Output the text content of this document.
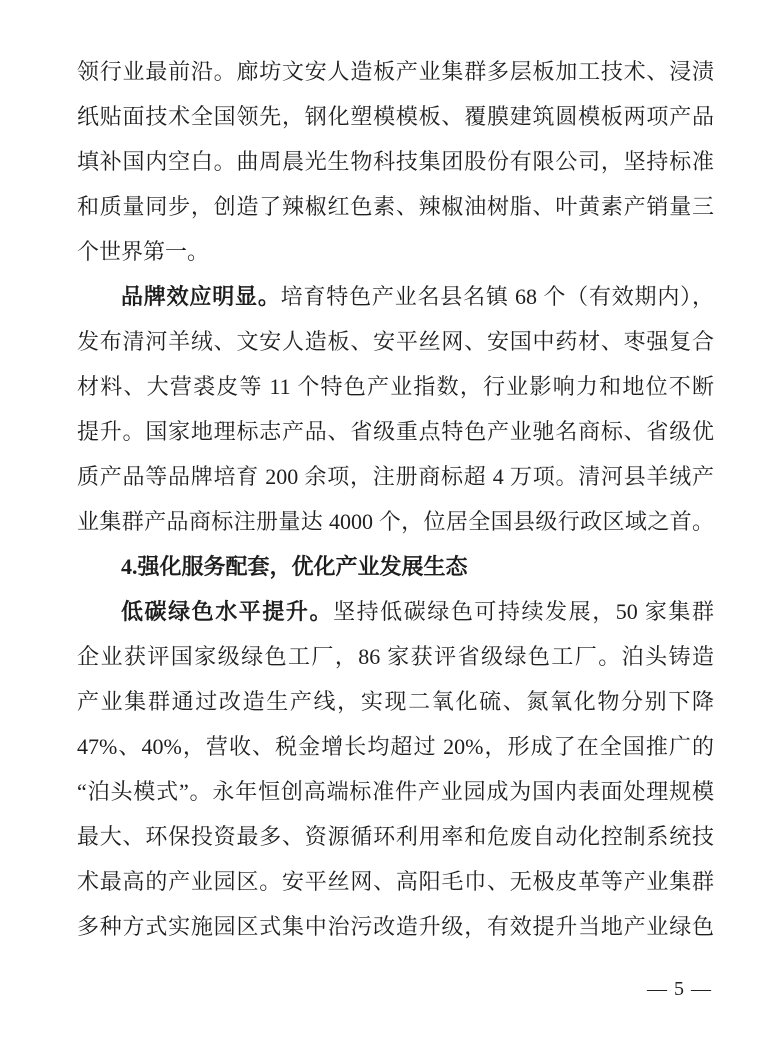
领行业最前沿。廊坊文安人造板产业集群多层板加工技术、浸渍
纸贴面技术全国领先，钢化塑模模板、覆膜建筑圆模板两项产品
填补国内空白。曲周晨光生物科技集团股份有限公司，坚持标准
和质量同步，创造了辣椒红色素、辣椒油树脂、叶黄素产销量三
个世界第一。
品牌效应明显。培育特色产业名县名镇 68 个（有效期内），
发布清河羊绒、文安人造板、安平丝网、安国中药材、枣强复合
材料、大营裘皮等 11 个特色产业指数，行业影响力和地位不断
提升。国家地理标志产品、省级重点特色产业驰名商标、省级优
质产品等品牌培育 200 余项，注册商标超 4 万项。清河县羊绒产
业集群产品商标注册量达 4000 个，位居全国县级行政区域之首。
4.强化服务配套，优化产业发展生态
低碳绿色水平提升。坚持低碳绿色可持续发展，50 家集群
企业获评国家级绿色工厂，86 家获评省级绿色工厂。泊头铸造
产业集群通过改造生产线，实现二氧化硫、氮氧化物分别下降
47%、40%，营收、税金增长均超过 20%，形成了在全国推广的
“泊头模式”。永年恒创高端标准件产业园成为国内表面处理规模
最大、环保投资最多、资源循环利用率和危废自动化控制系统技
术最高的产业园区。安平丝网、高阳毛巾、无极皮革等产业集群
多种方式实施园区式集中治污改造升级，有效提升当地产业绿色
— 5 —
